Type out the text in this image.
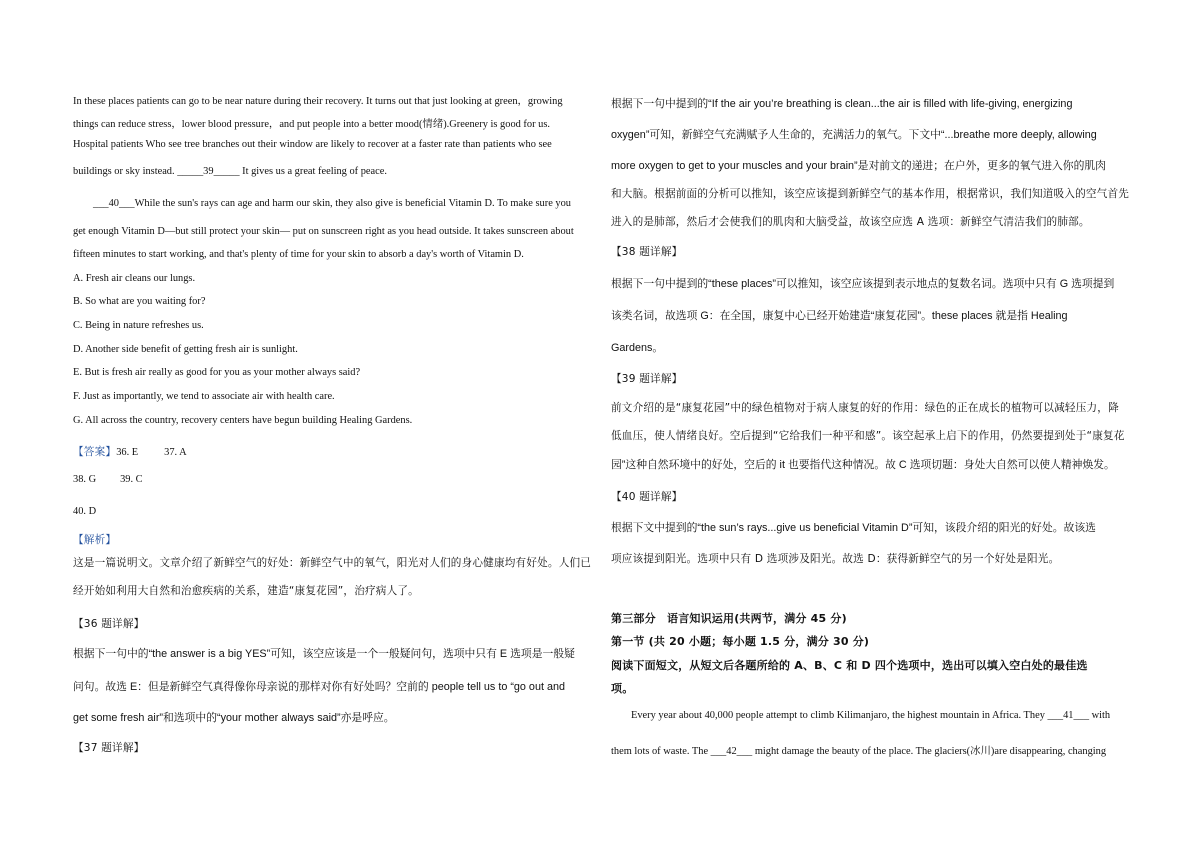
In these places patients can go to be near nature during their recovery. It turns out that just looking at green，growing
things can reduce stress，lower blood pressure，and put people into a better mood(情绪).Greenery is good for us.
Hospital patients Who see tree branches out their window are likely to recover at a faster rate than patients who see
buildings or sky instead. _____39_____ It gives us a great feeling of peace.
___40___While the sun's rays can age and harm our skin, they also give is beneficial Vitamin D. To make sure you
get enough Vitamin D—but still protect your skin— put on sunscreen right as you head outside. It takes sunscreen about
fifteen minutes to start working, and that's plenty of time for your skin to absorb a day's worth of Vitamin D.
A. Fresh air cleans our lungs.
B. So what are you waiting for?
C. Being in nature refreshes us.
D. Another side benefit of getting fresh air is sunlight.
E. But is fresh air really as good for you as your mother always said?
F. Just as importantly, we tend to associate air with health care.
G. All across the country, recovery centers have begun building Healing Gardens.
【答案】36. E	37. A
38. G 39. C
40. D
【解析】
这是一篇说明文。文章介绍了新鲜空气的好处：新鲜空气中的氧气，阳光对人们的身心健康均有好处。人们已
经开始如利用大自然和治愈疾病的关系，建造“康复花园”，治疗病人了。
【36 题详解】
根据下一句中的“the answer is a big YES”可知，该空应该是一个一般疑问句，选项中只有 E 选项是一般疑
问句。故选 E：但是新鲜空气真得像你母亲说的那样对你有好处吗？空前的 people tell us to “go out and
get some fresh air”和选项中的“your mother always said”亦是呼应。
【37 题详解】
根据下一句中提到的“If the air you’re breathing is clean...the air is filled with life-giving, energizing
oxygen”可知，新鲜空气充满赋予人生命的，充满活力的氧气。下文中“...breathe more deeply, allowing
more oxygen to get to your muscles and your brain”是对前文的递进；在户外，更多的氧气进入你的肌肉
和大脑。根据前面的分析可以推知，该空应该提到新鲜空气的基本作用，根据常识，我们知道吸入的空气首先
进入的是肺部，然后才会使我们的肌肉和大脑受益，故该空应选 A 选项：新鲜空气清洁我们的肺部。
【38 题详解】
根据下一句中提到的“these places”可以推知，该空应该提到表示地点的复数名词。选项中只有 G 选项提到
该类名词，故选项 G：在全国，康复中心已经开始建造“康复花园”。these places 就是指 Healing
Gardens。
【39 题详解】
前文介绍的是“康复花园”中的绿色植物对于病人康复的好的作用：绿色的正在成长的植物可以减轻压力，降
低血压，使人情绪良好。空后提到“它给我们一种平和感”。该空起承上启下的作用，仍然要提到处于“康复花
园”这种自然环境中的好处，空后的 it 也要指代这种情况。故 C 选项切题：身处大自然可以使人精神焕发。
【40 题详解】
根据下文中提到的“the sun’s rays...give us beneficial Vitamin D”可知，该段介绍的阳光的好处。故该选
项应该提到阳光。选项中只有 D 选项涉及阳光。故选 D：获得新鲜空气的另一个好处是阳光。
第三部分　语言知识运用(共两节，满分 45 分)
第一节 (共 20 小题；每小题 1.5 分，满分 30 分)
阅读下面短文，从短文后各题所给的 A、B、C 和 D 四个选项中，选出可以填入空白处的最佳选
项。
Every year about 40,000 people attempt to climb Kilimanjaro, the highest mountain in Africa. They ___41___ with
them lots of waste. The ___42___ might damage the beauty of the place. The glaciers(冰川)are disappearing, changing
